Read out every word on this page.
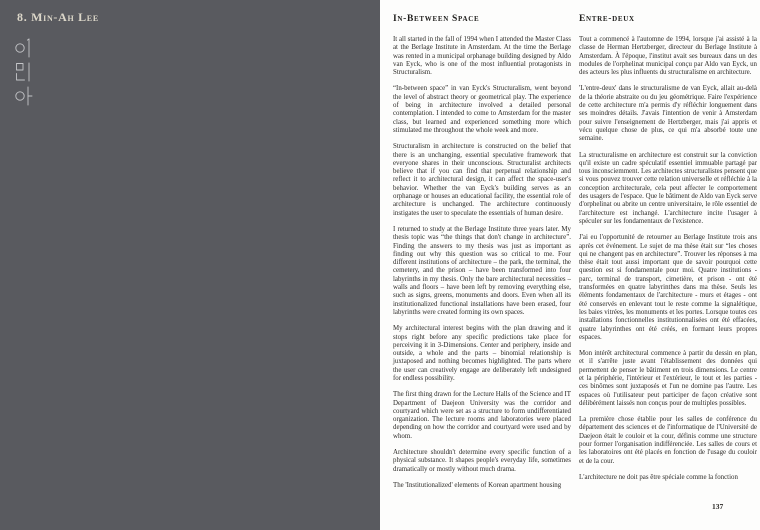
8. Min-Ah Lee	In-Between Space

It all started in the fall of 1994 when I attended the Master Class at the Berlage Institute in Amsterdam. At the time the Berlage was rented in a municipal orphanage building designed by Aldo van Eyck, who is one of the most influential protagonists in Structuralism.

“In-between space” in van Eyck's Structuralism, went beyond the level of abstract theory or geometrical play. The experience of being in architecture involved a detailed personal contemplation. I intended to come to Amsterdam for the master class, but learned and experienced something more which stimulated me throughout the whole week and more.

Structuralism in architecture is constructed on the belief that there is an unchanging, essential speculative framework that everyone shares in their unconscious. Structuralist architects believe that if you can find that perpetual relationship and reflect it to architectural design, it can affect the space-user's behavior. Whether the van Eyck's building serves as an orphanage or houses an educational facility, the essential role of architecture is unchanged. The architecture continuously instigates the user to speculate the essentials of human desire.

I returned to study at the Berlage Institute three years later. My thesis topic was “the things that don't change in architecture”. Finding the answers to my thesis was just as important as finding out why this question was so critical to me. Four different institutions of architecture – the park, the terminal, the cemetery, and the prison – have been transformed into four labyrinths in my thesis. Only the bare architectural necessities – walls and floors – have been left by removing everything else, such as signs, greens, monuments and doors. Even when all its institutionalized functional installations have been erased, four labyrinths were created forming its own spaces.

My architectural interest begins with the plan drawing and it stops right before any specific predictions take place for perceiving it in 3-Dimensions. Center and periphery, inside and outside, a whole and the parts – binomial relationship is juxtaposed and nothing becomes highlighted. The parts where the user can creatively engage are deliberately left undesigned for endless possibility.

The first thing drawn for the Lecture Halls of the Science and IT Department of Daejeon University was the corridor and courtyard which were set as a structure to form undifferentiated organization. The lecture rooms and laboratories were placed depending on how the corridor and courtyard were used and by whom.

Architecture shouldn't determine every specific function of a physical substance. It shapes people's everyday life, sometimes dramatically or mostly without much drama.

The 'Institutionalized' elements of Korean apartment housing

Entre-deux

Tout a commencé à l'automne de 1994, lorsque j'ai assisté à la classe de Herman Hertzberger, directeur du Berlage Institute à Amsterdam. À l'époque, l'institut avait ses bureaux dans un des modules de l'orphelinat municipal conçu par Aldo van Eyck, un des acteurs les plus influents du structuralisme en architecture.

'L'entre-deux' dans le structuralisme de van Eyck, allait au-delà de la théorie abstraite ou du jeu géométrique. Faire l'expérience de cette architecture m'a permis d'y réfléchir longuement dans ses moindres détails. J'avais l'intention de venir à Amsterdam pour suivre l'enseignement de Hertzberger, mais j'ai appris et vécu quelque chose de plus, ce qui m'a absorbé toute une semaine.

La structuralisme en architecture est construit sur la conviction qu'il existe un cadre spéculatif essentiel immuable partagé par tous inconsciemment. Les architectes structuralistes pensent que si vous pouvez trouver cette relation universelle et réfléchie à la conception architecturale, cela peut affecter le comportement des usagers de l'espace. Que le bâtiment de Aldo van Eyck serve d'orphelinat ou abrite un centre universitaire, le rôle essentiel de l'architecture est inchangé. L'architecture incite l'usager à spéculer sur les fondamentaux de l'existence.

J'ai eu l'opportunité de retourner au Berlage Institute trois ans après cet événement. Le sujet de ma thèse était sur “les choses qui ne changent pas en architecture”. Trouver les réponses à ma thèse était tout aussi important que de savoir pourquoi cette question est si fondamentale pour moi. Quatre institutions - parc, terminal de transport, cimetière, et prison - ont été transformées en quatre labyrinthes dans ma thèse. Seuls les éléments fondamentaux de l'architecture - murs et étages - ont été conservés en enlevant tout le reste comme la signalétique, les baies vitrées, les monuments et les portes. Lorsque toutes ces installations fonctionnelles institutionnalisées ont été effacées, quatre labyrinthes ont été créés, en formant leurs propres espaces.

Mon intérêt architectural commence à partir du dessin en plan, et il s'arrête juste avant l'établissement des données qui permettent de penser le bâtiment en trois dimensions. Le centre et la périphérie, l'intérieur et l'extérieur, le tout et les parties - ces binômes sont juxtaposés et l'un ne domine pas l'autre. Les espaces où l'utilisateur peut participer de façon créative sont délibérément laissés non conçus pour de multiples possibles.

La première chose établie pour les salles de conférence du département des sciences et de l'informatique de l'Université de Daejeon était le couloir et la cour, définis comme une structure pour former l'organisation indifférenciée. Les salles de cours et les laboratoires ont été placés en fonction de l'usage du couloir et de la cour.

L'architecture ne doit pas être spéciale comme la fonction

137
